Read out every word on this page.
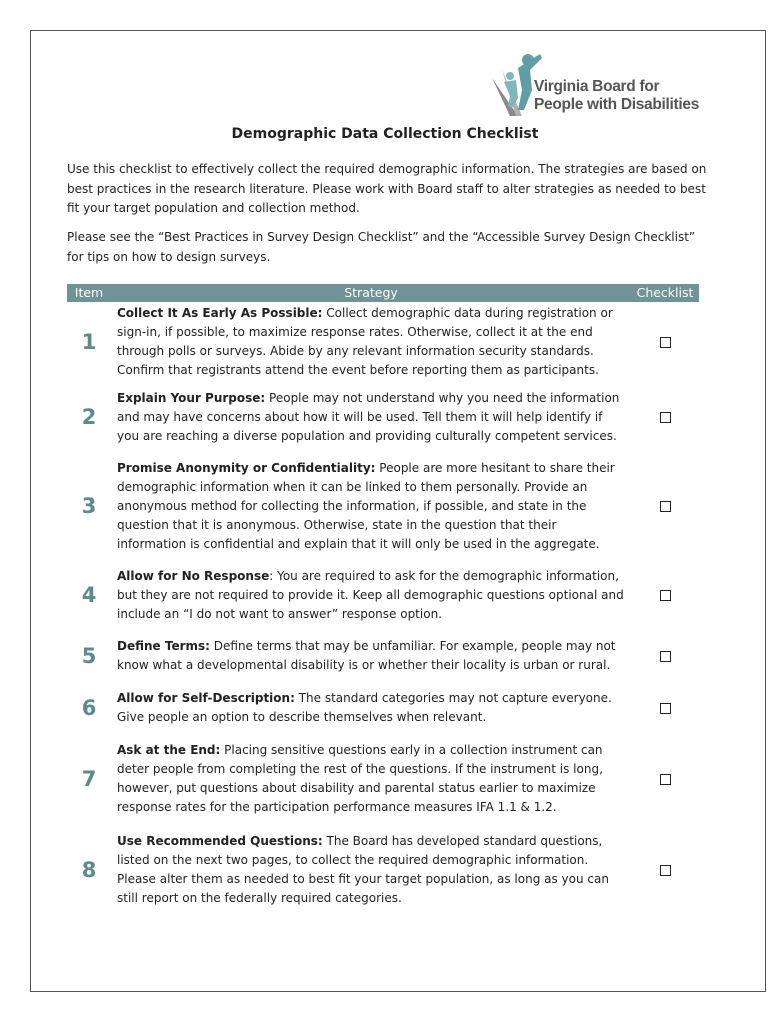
Virginia Board for
People with Disabilities
Demographic Data Collection Checklist
Use this checklist to effectively collect the required demographic information. The strategies are based on best practices in the research literature. Please work with Board staff to alter strategies as needed to best fit your target population and collection method.
Please see the “Best Practices in Survey Design Checklist” and the “Accessible Survey Design Checklist” for tips on how to design surveys.
Item	Strategy	Checklist
1	Collect It As Early As Possible: Collect demographic data during registration or sign-in, if possible, to maximize response rates. Otherwise, collect it at the end through polls or surveys. Abide by any relevant information security standards. Confirm that registrants attend the event before reporting them as participants.	
2	Explain Your Purpose: People may not understand why you need the information and may have concerns about how it will be used. Tell them it will help identify if you are reaching a diverse population and providing culturally competent services.	
3	Promise Anonymity or Confidentiality: People are more hesitant to share their demographic information when it can be linked to them personally. Provide an anonymous method for collecting the information, if possible, and state in the question that it is anonymous. Otherwise, state in the question that their information is confidential and explain that it will only be used in the aggregate.	
4	Allow for No Response: You are required to ask for the demographic information, but they are not required to provide it. Keep all demographic questions optional and include an “I do not want to answer” response option.	
5	Define Terms: Define terms that may be unfamiliar. For example, people may not know what a developmental disability is or whether their locality is urban or rural.	
6	Allow for Self-Description: The standard categories may not capture everyone. Give people an option to describe themselves when relevant.	
7	Ask at the End: Placing sensitive questions early in a collection instrument can deter people from completing the rest of the questions. If the instrument is long, however, put questions about disability and parental status earlier to maximize response rates for the participation performance measures IFA 1.1 & 1.2.	
8	Use Recommended Questions: The Board has developed standard questions, listed on the next two pages, to collect the required demographic information. Please alter them as needed to best fit your target population, as long as you can still report on the federally required categories.	
